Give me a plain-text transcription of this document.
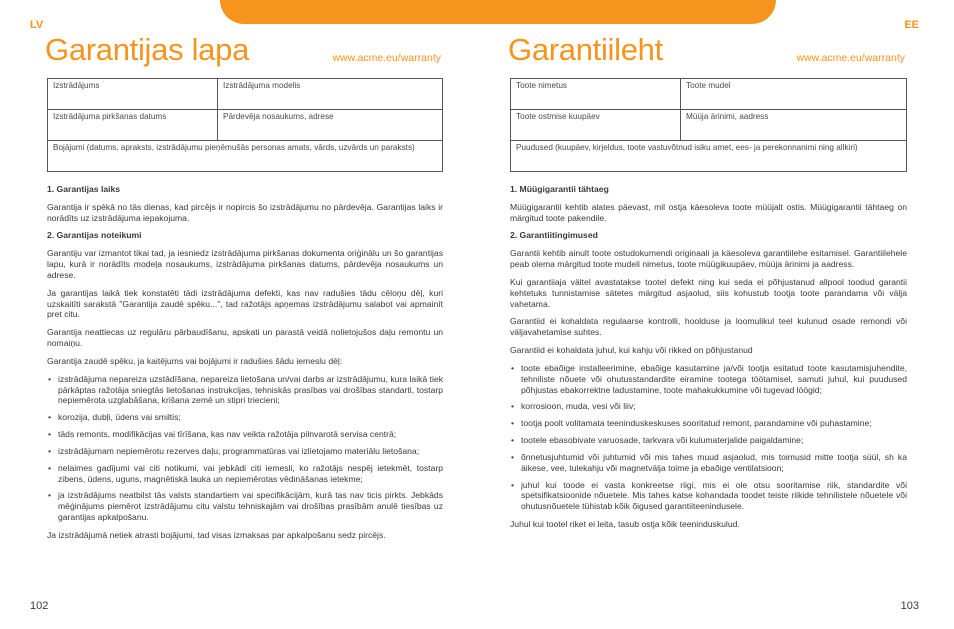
LV
Garantijas lapa	www.acme.eu/warranty
Izstrādājums	Izstrādājuma modelis
Izstrādājuma pirkšanas datums	Pārdevēja nosaukums, adrese
Bojājumi (datums, apraksts, izstrādājumu pieņēmušās personas amats, vārds, uzvārds un paraksts)	
1. Garantijas laiks

Garantija ir spēkā no tās dienas, kad pircējs ir nopircis šo izstrādājumu no pārdevēja. Garantijas laiks ir norādīts uz izstrādājuma iepakojuma.

2. Garantijas noteikumi

Garantiju var izmantot tikai tad, ja iesniedz izstrādājuma pirkšanas dokumenta oriģinālu un šo garantijas lapu, kurā ir norādīts modeļa nosaukums, izstrādājuma pirkšanas datums, pārdevēja nosaukums un adrese.

Ja garantijas laikā tiek konstatēti tādi izstrādājuma defekti, kas nav radušies tādu cēloņu dēļ, kuri uzskaitīti sarakstā "Garantija zaudē spēku...", tad ražotājs apņemas izstrādājumu salabot vai apmainīt pret citu.

Garantija neattiecas uz regulāru pārbaudīšanu, apskati un parastā veidā nolietojušos daļu remontu un nomaiņu.

Garantija zaudē spēku, ja kaitējums vai bojājumi ir radušies šādu iemeslu dēļ:

• izstrādājuma nepareiza uzstādīšana, nepareiza lietošana un/vai darbs ar izstrādājumu, kura laikā tiek pārkāptas ražotāja sniegtās lietošanas instrukcijas, tehniskās prasības vai drošības standarti, tostarp nepiemērota uzglabāšana, krišana zemē un stipri triecieni;
• korozija, dubļi, ūdens vai smiltis;
• tāds remonts, modifikācijas vai tīrīšana, kas nav veikta ražotāja pilnvarotā servisa centrā;
• izstrādājumam nepiemērotu rezerves daļu, programmatūras vai izlietojamo materiālu lietošana;
• nelaimes gadījumi vai citi notikumi, vai jebkādi citi iemesli, ko ražotājs nespēj ietekmēt, tostarp zibens, ūdens, uguns, magnētiskā lauka un nepiemērotas vēdināšanas ietekme;
• ja izstrādājums neatbilst tās valsts standartiem vai specifikācijām, kurā tas nav ticis pirkts. Jebkāds mēģinājums piemērot izstrādājumu citu valstu tehniskajām vai drošības prasībām anulē tiesības uz garantijas apkalpošanu.

Ja izstrādājumā netiek atrasti bojājumi, tad visas izmaksas par apkalpošanu sedz pircējs.

102
EE
Garantiileht	www.acme.eu/warranty
Toote nimetus	Toote mudel
Toote ostmise kuupäev	Müüja ärinimi, aadress
Puudused (kuupäev, kirjeldus, toote vastuvõtnud isiku amet, ees- ja perekonnanimi ning allkiri)	
1. Müügigarantii tähtaeg

Müügigarantii kehtib alates päevast, mil ostja käesoleva toote müüjalt ostis. Müügigarantii tähtaeg on märgitud toote pakendile.

2. Garantiitingimused

Garantii kehtib ainult toote ostudokumendi originaali ja käesoleva garantiilehe esitamisel. Garantiilehele peab olema märgitud toote mudeli nimetus, toote müügikuupäev, müüja ärinimi ja aadress.

Kui garantiiaja vältel avastatakse tootel defekt ning kui seda ei põhjustanud allpool toodud garantii kehtetuks tunnistamise sätetes märgitud asjaolud, siis kohustub tootja toote parandama või välja vahetama.

Garantiid ei kohaldata regulaarse kontrolli, hoolduse ja loomulikul teel kulunud osade remondi või väljavahetamise suhtes.

Garantiid ei kohaldata juhul, kui kahju või rikked on põhjustanud

• toote ebaõige installeerimine, ebaõige kasutamine ja/või tootja esitatud toote kasutamisjuhendite, tehniliste nõuete või ohutusstandardite eiramine tootega töötamisel, samuti juhul, kui puudused põhjustas ebakorrektne ladustamine, toote mahakukkumine või tugevad löögid;
• korrosioon, muda, vesi või liiv;
• tootja poolt volitamata teeninduskeskuses sooritatud remont, parandamine või puhastamine;
• tootele ebasobivate varuosade, tarkvara või kulumaterjalide paigaldamine;
• õnnetusjuhtumid või juhtumid või mis tahes muud asjaolud, mis toimusid mitte tootja süül, sh ka äikese, vee, tulekahju või magnetvälja toime ja ebaõige ventilatsioon;
• juhul kui toode ei vasta konkreetse riigi, mis ei ole otsu sooritamise riik, standardite või spetsifikatsioonide nõuetele. Mis tahes katse kohandada toodet teiste riikide tehnilistele nõuetele või ohutusnõuetele tühistab kõik õigused garantiiteenindusele.

Juhul kui tootel riket ei leita, tasub ostja kõik teeninduskulud.

103
